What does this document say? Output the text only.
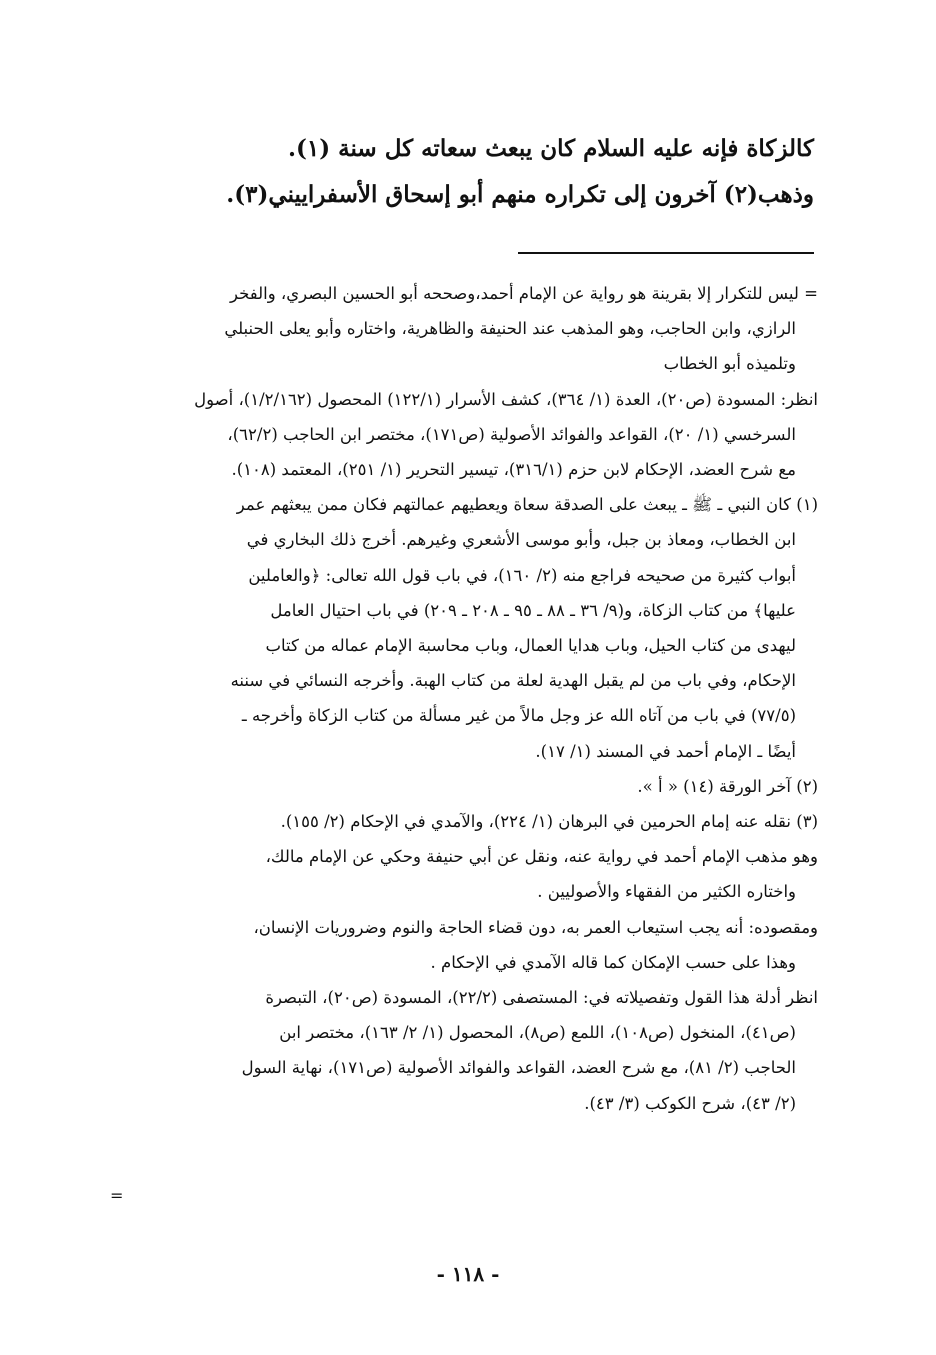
كالزكاة فإنه عليه السلام كان يبعث سعاته كل سنة (١).
وذهب(٢) آخرون إلى تكراره منهم أبو إسحاق الأسفراييني(٣).
= ليس للتكرار إلا بقرينة هو رواية عن الإمام أحمد،وصححه أبو الحسين البصري، والفخر
الرازي، وابن الحاجب، وهو المذهب عند الحنيفة والظاهرية، واختاره وأبو يعلى الحنبلي
وتلميذه أبو الخطاب
انظر: المسودة (ص٢٠)، العدة (١/ ٣٦٤)، كشف الأسرار (١٢٢/١) المحصول (١/٢/١٦٢)، أصول
السرخسي (١/ ٢٠)، القواعد والفوائد الأصولية (ص١٧١)، مختصر ابن الحاجب (٦٢/٢)،
مع شرح العضد، الإحكام لابن حزم (٣١٦/١)، تيسير التحرير (١/ ٢٥١)، المعتمد (١٠٨).
(١) كان النبي ـ ﷺ ـ يبعث على الصدقة سعاة ويعطيهم عمالتهم فكان ممن يبعثهم عمر
ابن الخطاب، ومعاذ بن جبل، وأبو موسى الأشعري وغيرهم. أخرج ذلك البخاري في
أبواب كثيرة من صحيحه فراجع منه (٢/ ١٦٠)، في باب قول الله تعالى: ﴿والعاملين
عليها﴾ من كتاب الزكاة، و(٩/ ٣٦ ـ ٨٨ ـ ٩٥ ـ ٢٠٨ ـ ٢٠٩) في باب احتيال العامل
ليهدى من كتاب الحيل، وباب هدايا العمال، وباب محاسبة الإمام عماله من كتاب
الإحكام، وفي باب من لم يقبل الهدية لعلة من كتاب الهبة. وأخرجه النسائي في سننه
(٧٧/٥) في باب من آتاه الله عز وجل مالاً من غير مسألة من كتاب الزكاة وأخرجه ـ
أيضًا ـ الإمام أحمد في المسند (١/ ١٧).
(٢) آخر الورقة (١٤) « أ ».
(٣) نقله عنه إمام الحرمين في البرهان (١/ ٢٢٤)، والآمدي في الإحكام (٢/ ١٥٥).
وهو مذهب الإمام أحمد في رواية عنه، ونقل عن أبي حنيفة وحكي عن الإمام مالك،
واختاره الكثير من الفقهاء والأصوليين .
ومقصوده: أنه يجب استيعاب العمر به، دون قضاء الحاجة والنوم وضروريات الإنسان،
وهذا على حسب الإمكان كما قاله الآمدي في الإحكام .
انظر أدلة هذا القول وتفصيلاته في: المستصفى (٢٢/٢)، المسودة (ص٢٠)، التبصرة
(ص٤١)، المنخول (ص١٠٨)، اللمع (ص٨)، المحصول (١/ ٢/ ١٦٣)، مختصر ابن
الحاجب (٢/ ٨١)، مع شرح العضد، القواعد والفوائد الأصولية (ص١٧١)، نهاية السول
(٢/ ٤٣)، شرح الكوكب (٣/ ٤٣).
=
- ١١٨ -
